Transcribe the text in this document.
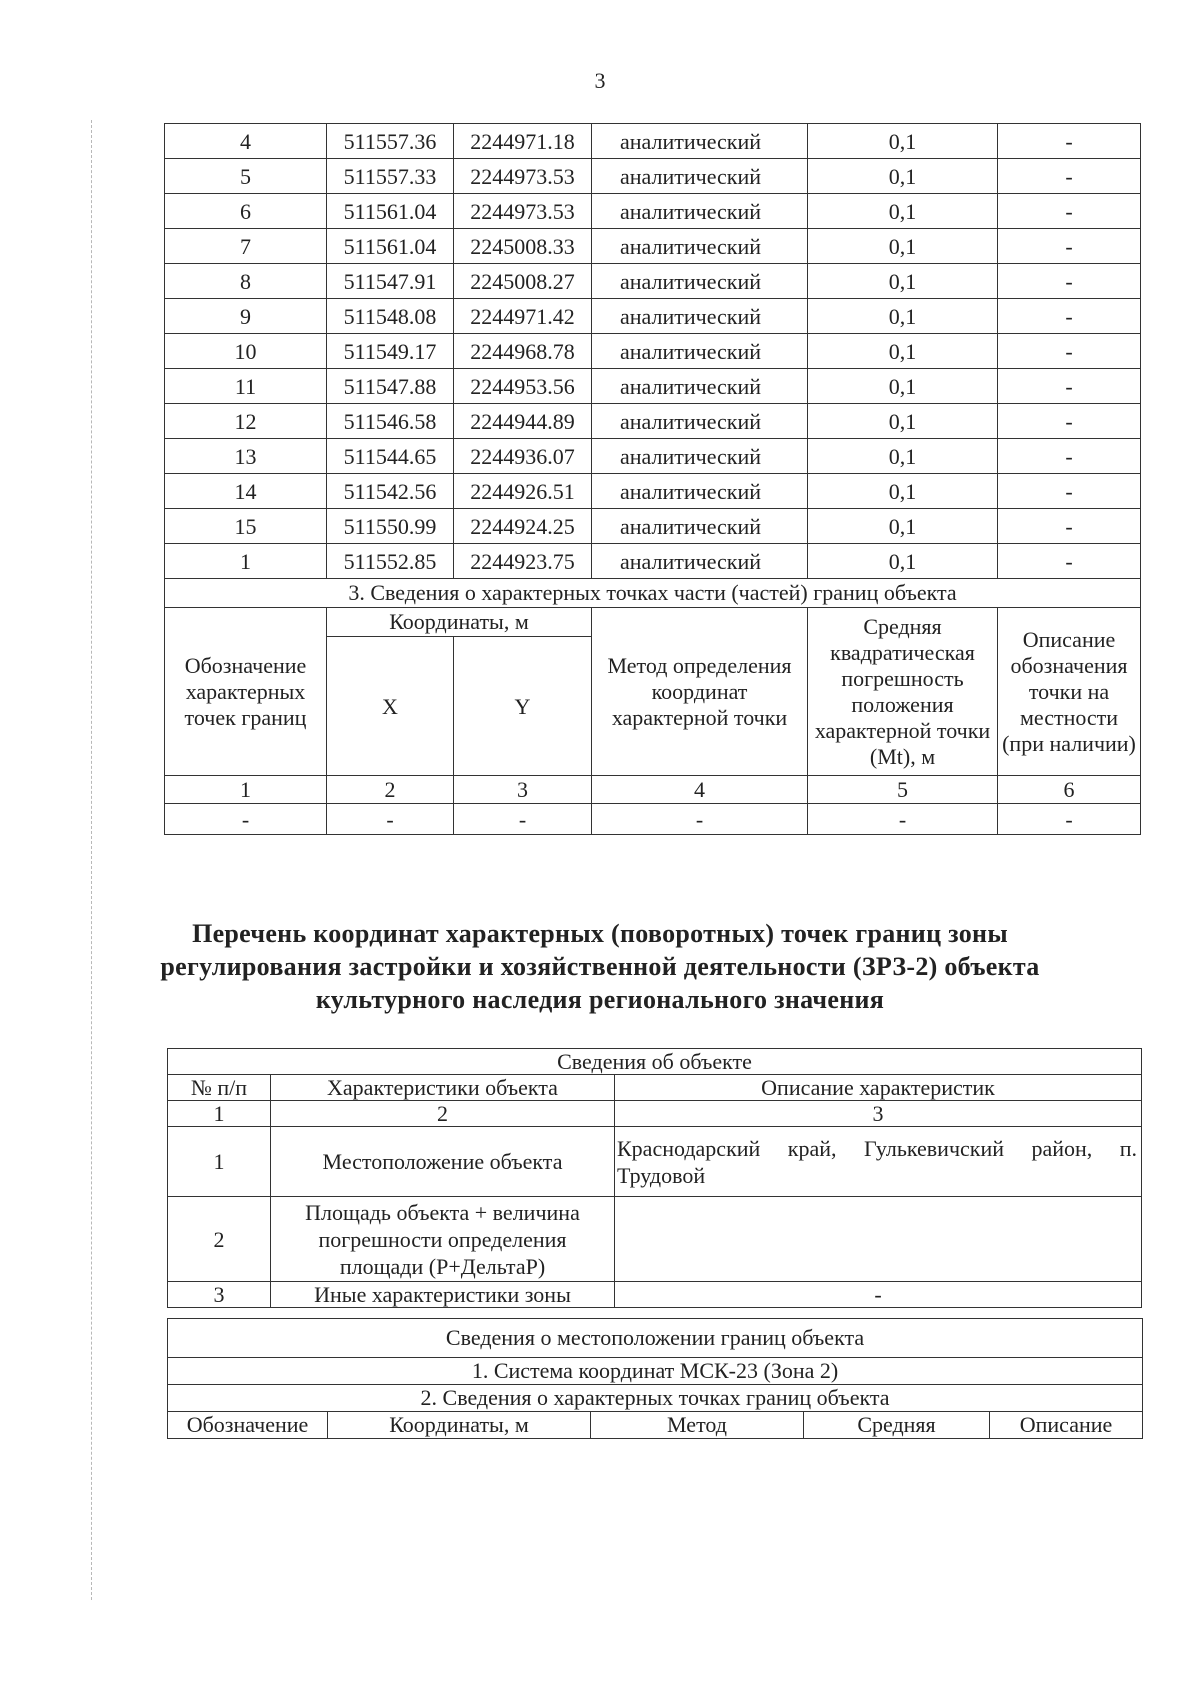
3
4	511557.36	2244971.18	аналитический	0,1	-
5	511557.33	2244973.53	аналитический	0,1	-
6	511561.04	2244973.53	аналитический	0,1	-
7	511561.04	2245008.33	аналитический	0,1	-
8	511547.91	2245008.27	аналитический	0,1	-
9	511548.08	2244971.42	аналитический	0,1	-
10	511549.17	2244968.78	аналитический	0,1	-
11	511547.88	2244953.56	аналитический	0,1	-
12	511546.58	2244944.89	аналитический	0,1	-
13	511544.65	2244936.07	аналитический	0,1	-
14	511542.56	2244926.51	аналитический	0,1	-
15	511550.99	2244924.25	аналитический	0,1	-
1	511552.85	2244923.75	аналитический	0,1	-
3. Сведения о характерных точках части (частей) границ объекта					
Обозначение характерных точек границ	Координаты, м		Метод определения координат характерной точки	Средняя квадратическая погрешность положения характерной точки (Mt), м	Описание обозначения точки на местности (при наличии)
	X	Y			
1	2	3	4	5	6
-	-	-	-	-	-
Перечень координат характерных (поворотных) точек границ зоны регулирования застройки и хозяйственной деятельности (ЗРЗ-2) объекта культурного наследия регионального значения
Сведения об объекте		
№ п/п	Характеристики объекта	Описание характеристик
1	2	3
1	Местоположение объекта	Краснодарский край, Гулькевичский район, п. Трудовой
2	Площадь объекта + величина погрешности определения площади (Р+ДельтаР)	
3	Иные характеристики зоны	-
Сведения о местоположении границ объекта
1. Система координат МСК-23 (Зона 2)
2. Сведения о характерных точках границ объекта
Обозначение	Координаты, м	Метод	Средняя	Описание
